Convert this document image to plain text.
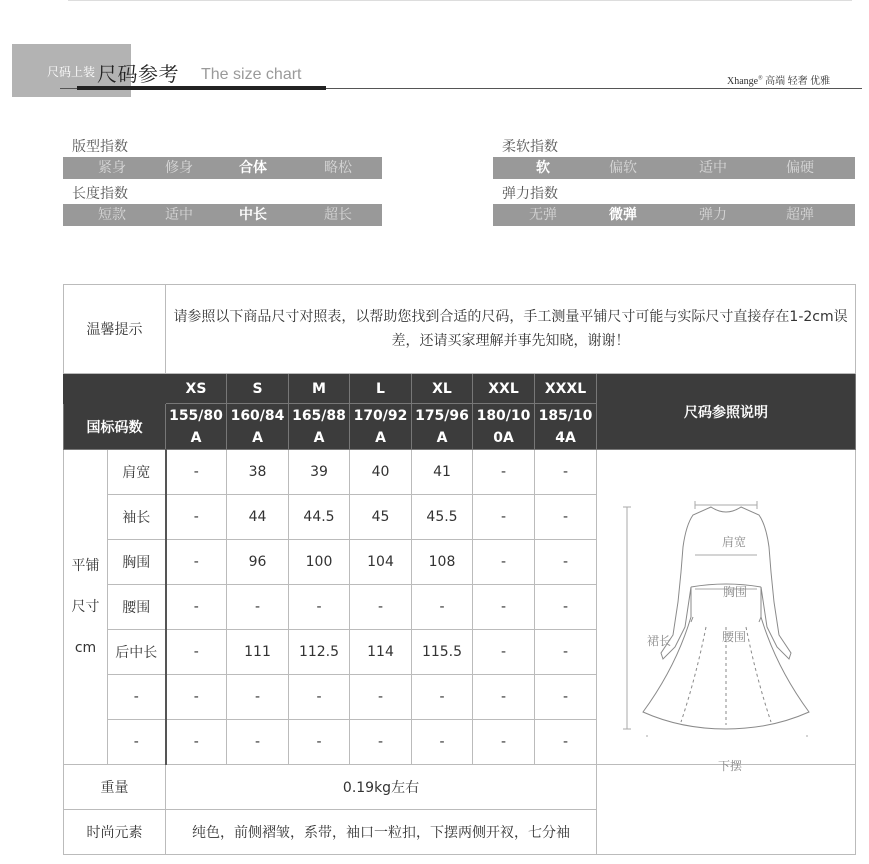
尺码上装 尺码参考 The size chart	Xhange® 高端 轻奢 优雅
版型指数
紧身	修身	合体	略松
长度指数
短款	适中	中长	超长
柔软指数
软	偏软	适中	偏硬
弹力指数
无弹	微弹	弹力	超弹
温馨提示		请参照以下商品尺寸对照表，以帮助您找到合适的尺码，手工测量平铺尺寸可能与实际尺寸直接存在1-2cm误差，还请买家理解并事先知晓，谢谢！							
		XS	S	M	L	XL	XXL	XXXL	尺码参照说明
国标码数		155/80A	160/84A	165/88A	170/92A	175/96A	180/100A	185/104A	

平铺
尺寸
cm	肩宽	-	38	39	40	41	-	-	

	袖长	-	44	44.5	45	45.5	-	-	
	胸围	-	96	100	104	108	-	-	
	腰围	-	-	-	-	-	-	-	
	后中长	-	111	112.5	114	115.5	-	-	
	-	-	-	-	-	-	-	-	
	-	-	-	-	-	-	-	-	
重量		0.19kg左右							
时尚元素		纯色，前侧褶皱，系带，袖口一粒扣，下摆两侧开衩，七分袖							
肩宽
胸围
腰围
裙长
下摆
